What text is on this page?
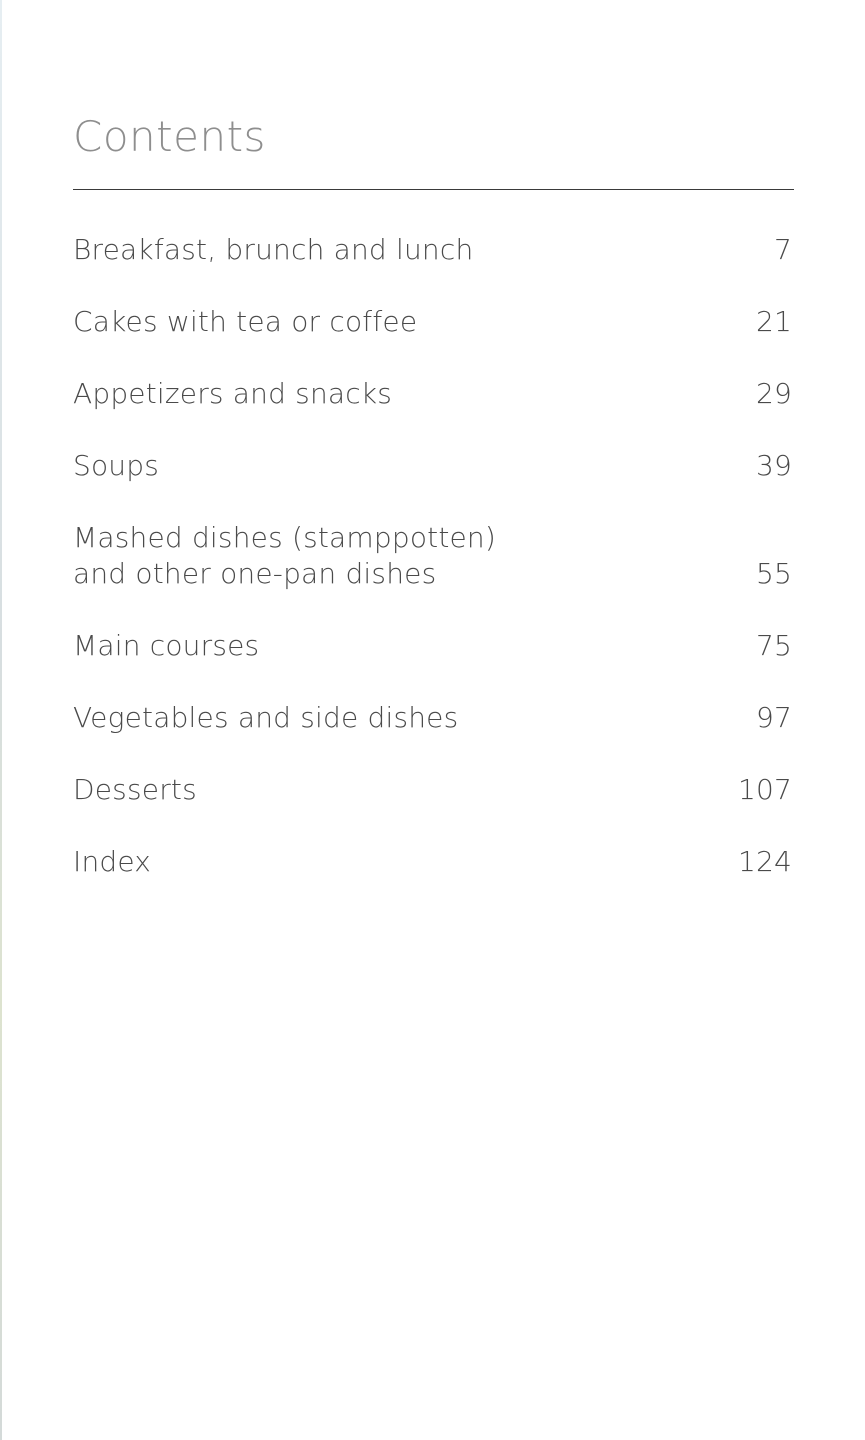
Contents
Breakfast, brunch and lunch	7
Cakes with tea or coffee	21
Appetizers and snacks	29
Soups	39
Mashed dishes (stamppotten)
and other one-pan dishes	55
Main courses	75
Vegetables and side dishes	97
Desserts	107
Index	124
